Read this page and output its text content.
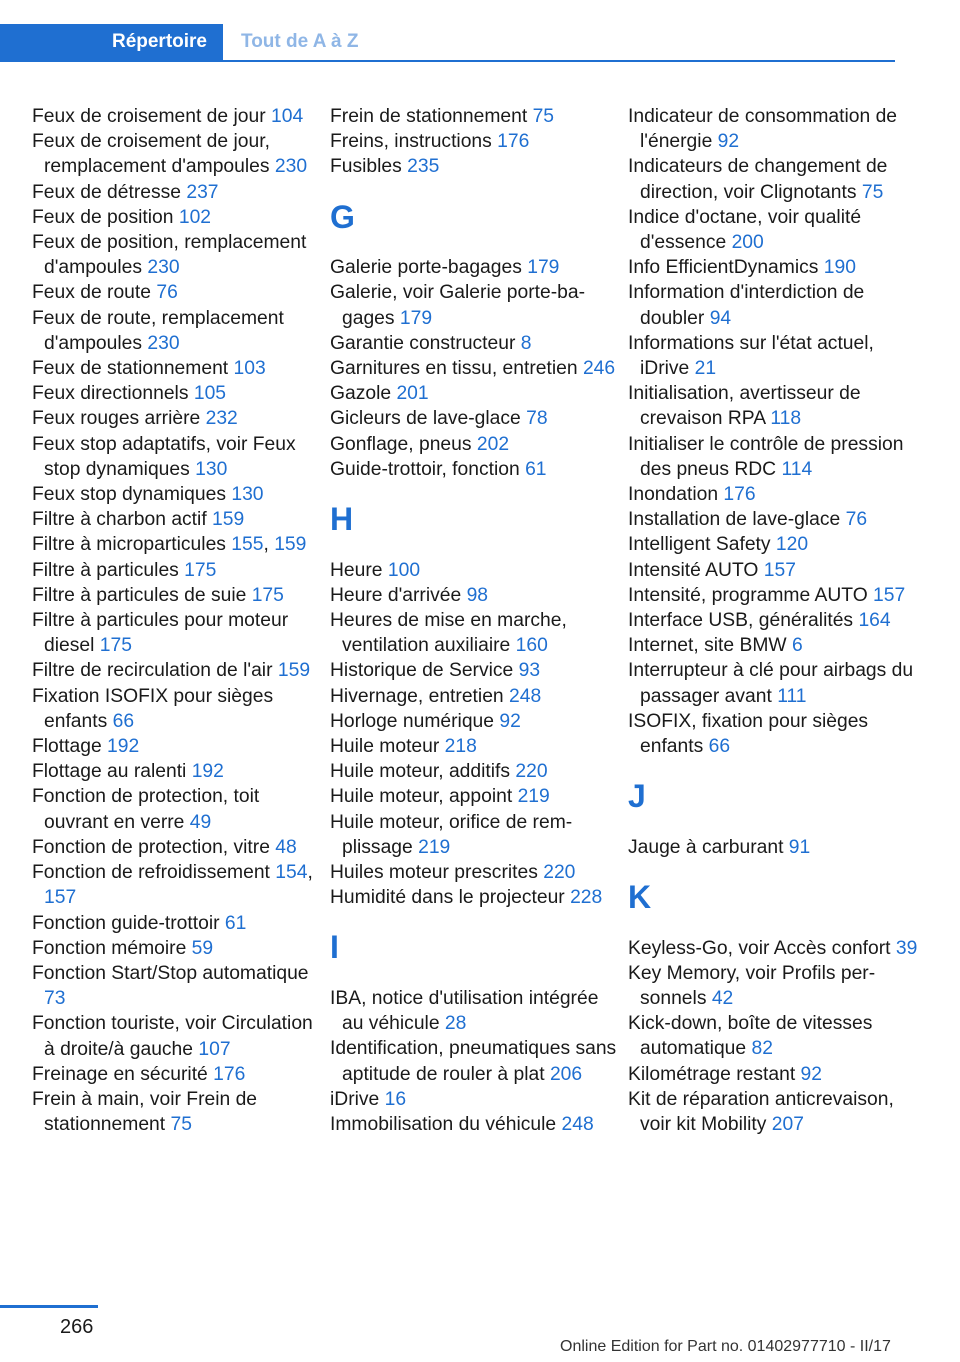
Répertoire	Tout de A à Z
Feux de croisement de jour 104
Feux de croisement de jour, remplacement d'ampoules 230
Feux de détresse 237
Feux de position 102
Feux de position, remplacement d'ampoules 230
Feux de route 76
Feux de route, remplacement d'ampoules 230
Feux de stationnement 103
Feux directionnels 105
Feux rouges arrière 232
Feux stop adaptatifs, voir Feux stop dynamiques 130
Feux stop dynamiques 130
Filtre à charbon actif 159
Filtre à microparticules 155, 159
Filtre à particules 175
Filtre à particules de suie 175
Filtre à particules pour moteur diesel 175
Filtre de recirculation de l'air 159
Fixation ISOFIX pour sièges enfants 66
Flottage 192
Flottage au ralenti 192
Fonction de protection, toit ouvrant en verre 49
Fonction de protection, vitre 48
Fonction de refroidissement 154, 157
Fonction guide-trottoir 61
Fonction mémoire 59
Fonction Start/Stop automatique 73
Fonction touriste, voir Circulation à droite/à gauche 107
Freinage en sécurité 176
Frein à main, voir Frein de stationnement 75
Frein de stationnement 75
Freins, instructions 176
Fusibles 235
G
Galerie porte-bagages 179
Galerie, voir Galerie porte-bagages 179
Garantie constructeur 8
Garnitures en tissu, entretien 246
Gazole 201
Gicleurs de lave-glace 78
Gonflage, pneus 202
Guide-trottoir, fonction 61
H
Heure 100
Heure d'arrivée 98
Heures de mise en marche, ventilation auxiliaire 160
Historique de Service 93
Hivernage, entretien 248
Horloge numérique 92
Huile moteur 218
Huile moteur, additifs 220
Huile moteur, appoint 219
Huile moteur, orifice de remplissage 219
Huiles moteur prescrites 220
Humidité dans le projecteur 228
I
IBA, notice d'utilisation intégrée au véhicule 28
Identification, pneumatiques sans aptitude de rouler à plat 206
iDrive 16
Immobilisation du véhicule 248
Indicateur de consommation de l'énergie 92
Indicateurs de changement de direction, voir Clignotants 75
Indice d'octane, voir qualité d'essence 200
Info EfficientDynamics 190
Information d'interdiction de doubler 94
Informations sur l'état actuel, iDrive 21
Initialisation, avertisseur de crevaison RPA 118
Initialiser le contrôle de pression des pneus RDC 114
Inondation 176
Installation de lave-glace 76
Intelligent Safety 120
Intensité AUTO 157
Intensité, programme AUTO 157
Interface USB, généralités 164
Internet, site BMW 6
Interrupteur à clé pour airbags du passager avant 111
ISOFIX, fixation pour sièges enfants 66
J
Jauge à carburant 91
K
Keyless-Go, voir Accès confort 39
Key Memory, voir Profils personnels 42
Kick-down, boîte de vitesses automatique 82
Kilométrage restant 92
Kit de réparation anticrevaison, voir kit Mobility 207
266
Online Edition for Part no. 01402977710 - II/17
